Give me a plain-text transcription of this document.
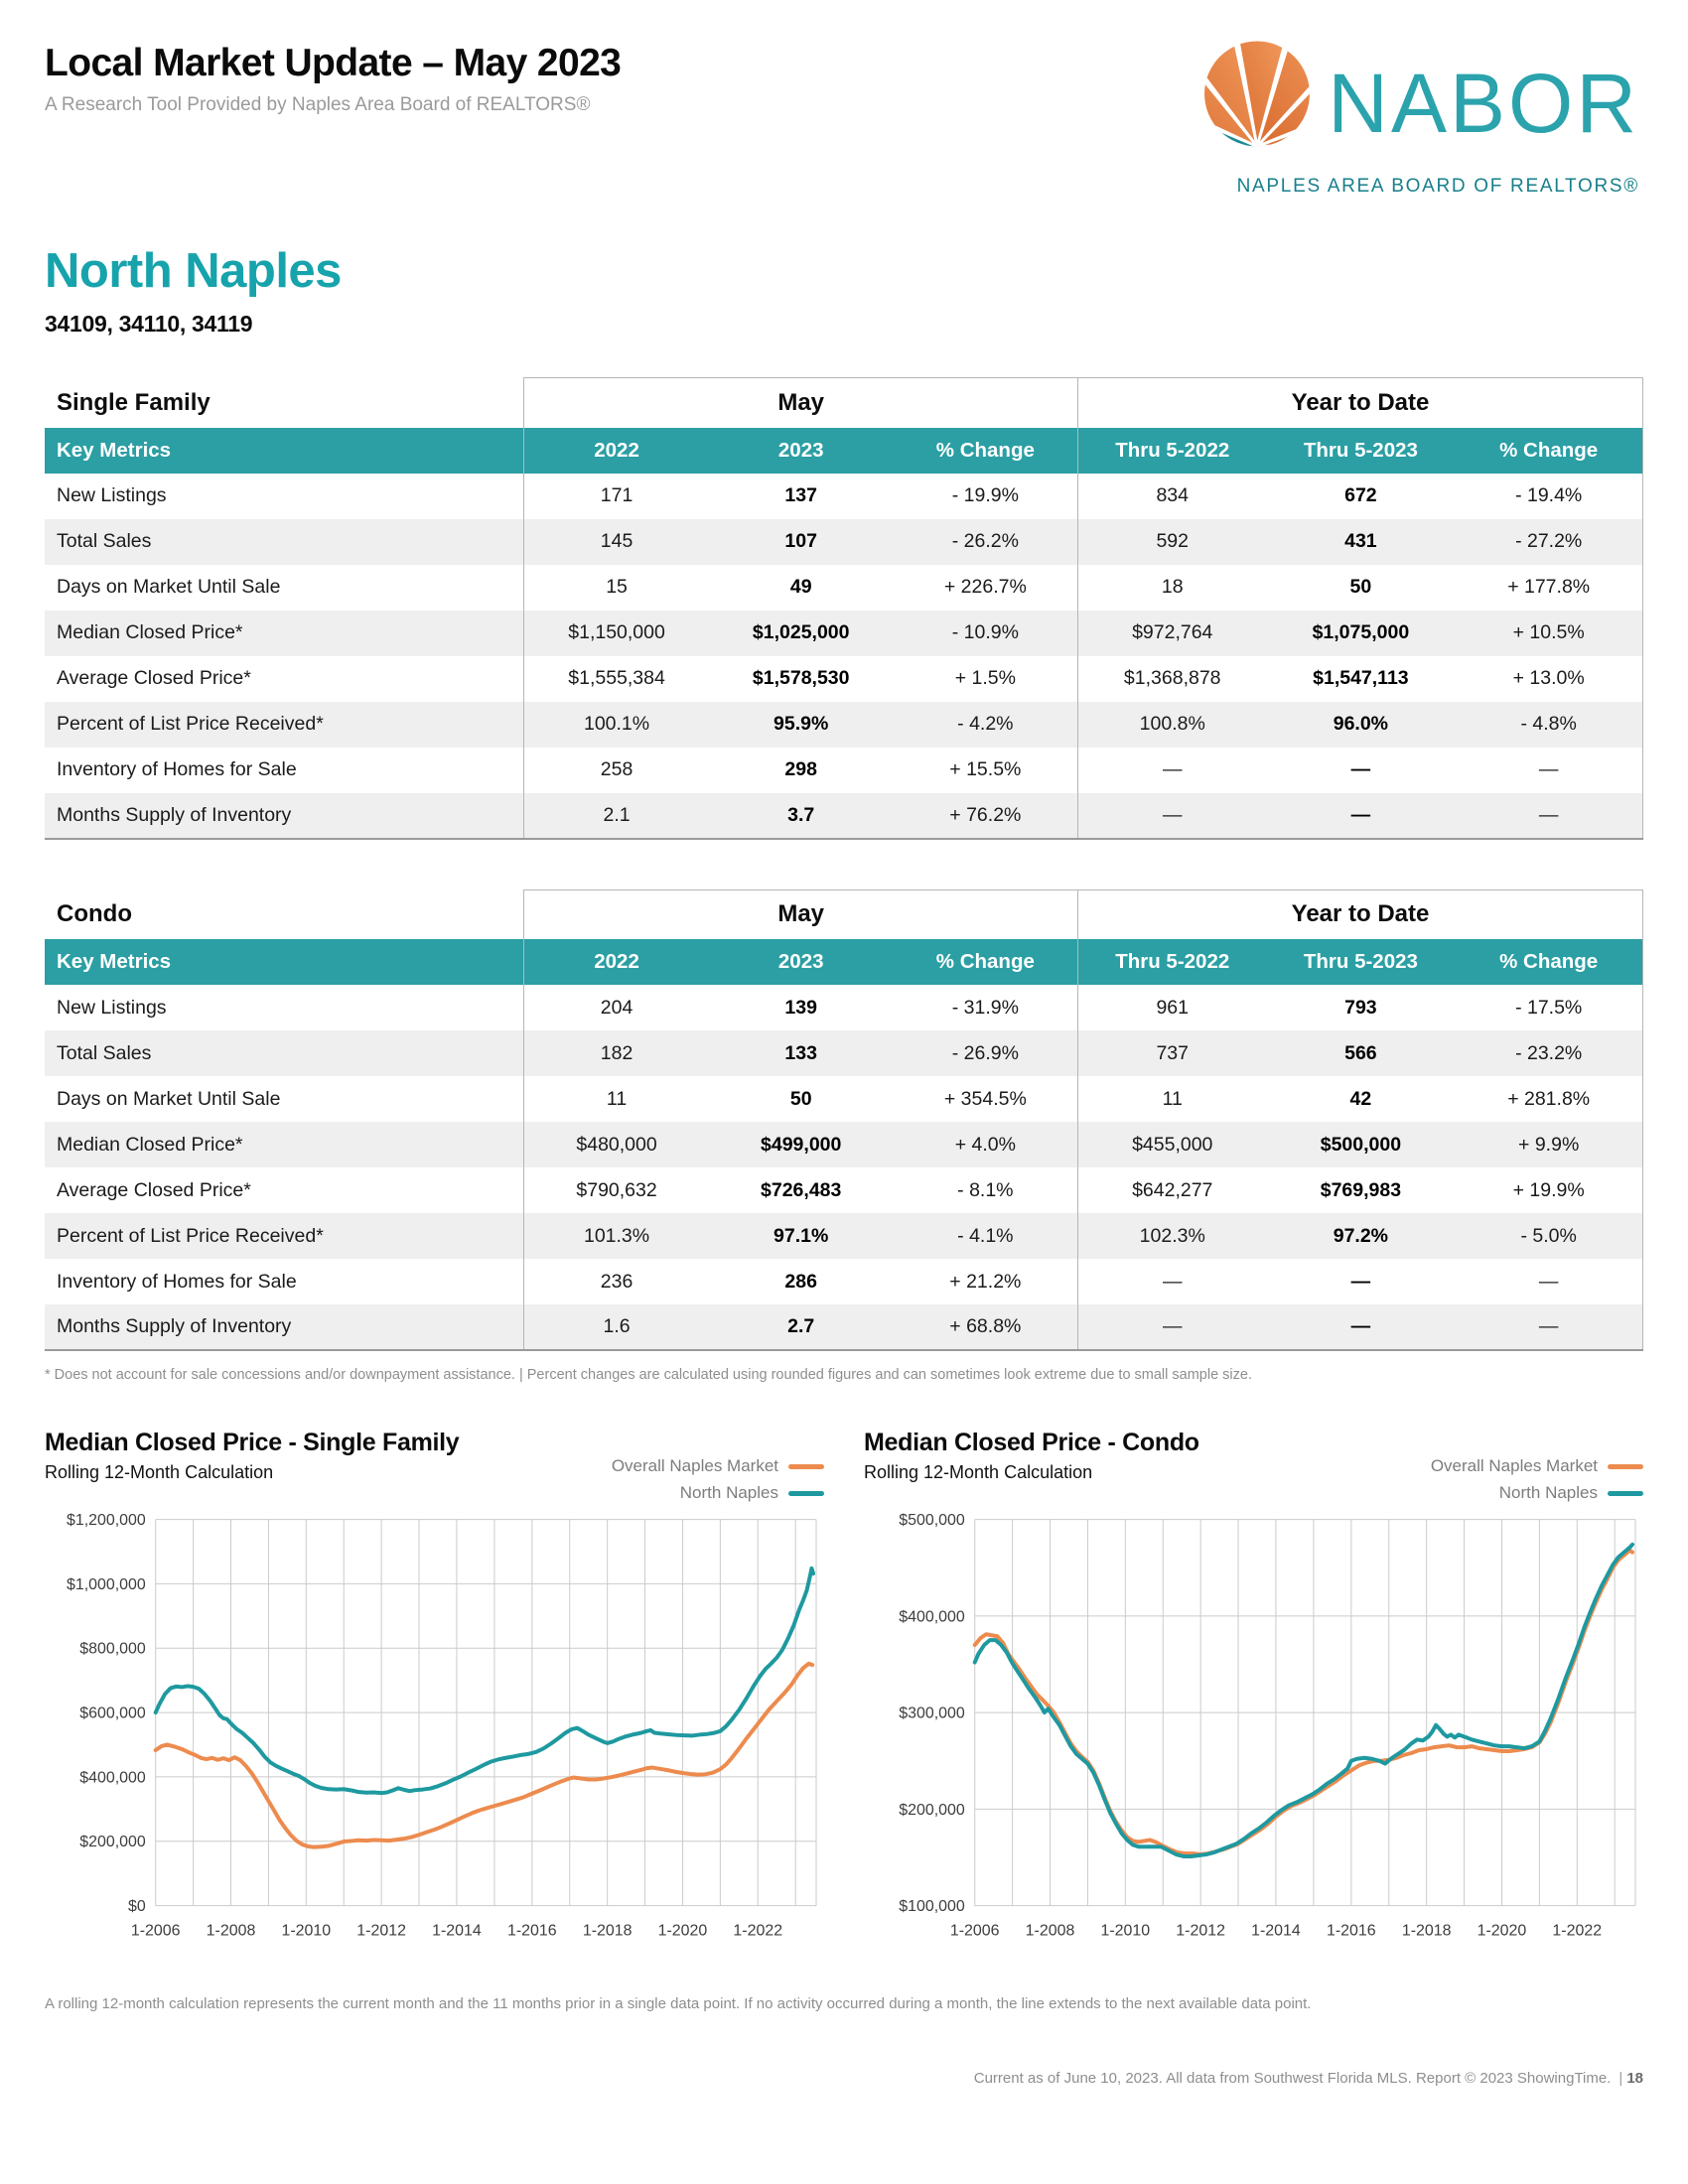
Local Market Update – May 2023
A Research Tool Provided by Naples Area Board of REALTORS®	NABOR
NAPLES AREA BOARD OF REALTORS®
North Naples
34109, 34110, 34119
Single Family	May			Year to Date		
Key Metrics	2022	2023	% Change	Thru 5-2022	Thru 5-2023	% Change
New Listings	171	137	- 19.9%	834	672	- 19.4%
Total Sales	145	107	- 26.2%	592	431	- 27.2%
Days on Market Until Sale	15	49	+ 226.7%	18	50	+ 177.8%
Median Closed Price*	$1,150,000	$1,025,000	- 10.9%	$972,764	$1,075,000	+ 10.5%
Average Closed Price*	$1,555,384	$1,578,530	+ 1.5%	$1,368,878	$1,547,113	+ 13.0%
Percent of List Price Received*	100.1%	95.9%	- 4.2%	100.8%	96.0%	- 4.8%
Inventory of Homes for Sale	258	298	+ 15.5%	—	—	—
Months Supply of Inventory	2.1	3.7	+ 76.2%	—	—	—
Condo	May			Year to Date		
Key Metrics	2022	2023	% Change	Thru 5-2022	Thru 5-2023	% Change
New Listings	204	139	- 31.9%	961	793	- 17.5%
Total Sales	182	133	- 26.9%	737	566	- 23.2%
Days on Market Until Sale	11	50	+ 354.5%	11	42	+ 281.8%
Median Closed Price*	$480,000	$499,000	+ 4.0%	$455,000	$500,000	+ 9.9%
Average Closed Price*	$790,632	$726,483	- 8.1%	$642,277	$769,983	+ 19.9%
Percent of List Price Received*	101.3%	97.1%	- 4.1%	102.3%	97.2%	- 5.0%
Inventory of Homes for Sale	236	286	+ 21.2%	—	—	—
Months Supply of Inventory	1.6	2.7	+ 68.8%	—	—	—
* Does not account for sale concessions and/or downpayment assistance. | Percent changes are calculated using rounded figures and can sometimes look extreme due to small sample size.
Median Closed Price - Single Family
Rolling 12-Month Calculation	Overall Naples Market
North Naples
$0
$200,000
$400,000
$600,000
$800,000
$1,000,000
$1,200,000
1-2006 1-2008 1-2010 1-2012 1-2014 1-2016 1-2018 1-2020 1-2022
Median Closed Price - Condo
Rolling 12-Month Calculation	Overall Naples Market
North Naples
$100,000
$200,000
$300,000
$400,000
$500,000
1-2006 1-2008 1-2010 1-2012 1-2014 1-2016 1-2018 1-2020 1-2022
A rolling 12-month calculation represents the current month and the 11 months prior in a single data point. If no activity occurred during a month, the line extends to the next available data point.
Current as of June 10, 2023. All data from Southwest Florida MLS. Report © 2023 ShowingTime. | 18
